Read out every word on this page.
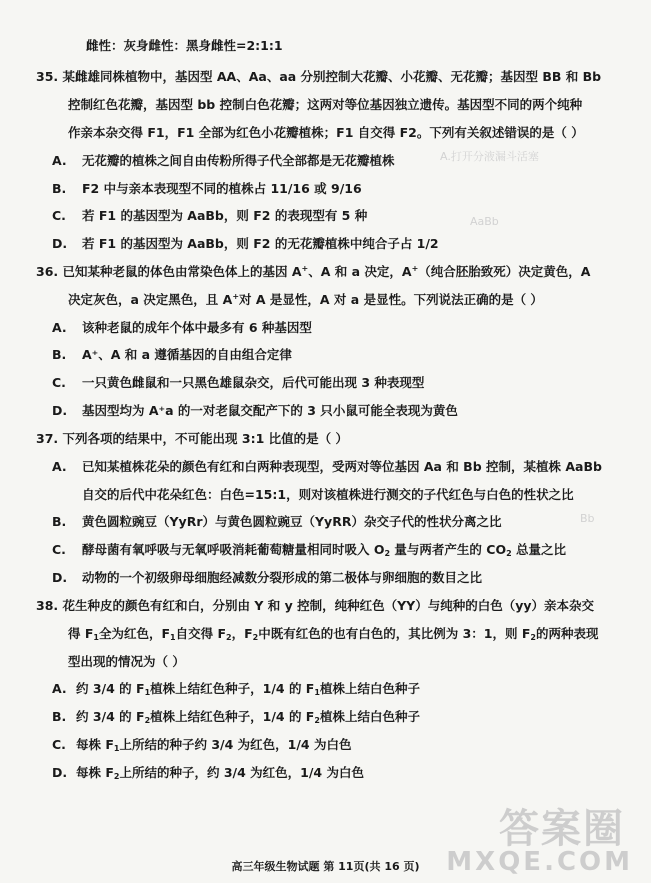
A.打开分液漏斗活塞
AaBb
Bb
雌性：灰身雌性：黑身雌性=2:1:1
35. 某雌雄同株植物中，基因型 AA、Aa、aa 分别控制大花瓣、小花瓣、无花瓣；基因型 BB 和 Bb
控制红色花瓣，基因型 bb 控制白色花瓣；这两对等位基因独立遗传。基因型不同的两个纯种
作亲本杂交得 F1，F1 全部为红色小花瓣植株；F1 自交得 F2。下列有关叙述错误的是（ ）
A. 无花瓣的植株之间自由传粉所得子代全部都是无花瓣植株
B. F2 中与亲本表现型不同的植株占 11/16 或 9/16
C. 若 F1 的基因型为 AaBb，则 F2 的表现型有 5 种
D. 若 F1 的基因型为 AaBb，则 F2 的无花瓣植株中纯合子占 1/2
36. 已知某种老鼠的体色由常染色体上的基因 A+、A 和 a 决定，A+（纯合胚胎致死）决定黄色，A
决定灰色，a 决定黑色，且 A+对 A 是显性，A 对 a 是显性。下列说法正确的是（ ）
A. 该种老鼠的成年个体中最多有 6 种基因型
B. A⁺、A 和 a 遵循基因的自由组合定律
C. 一只黄色雌鼠和一只黑色雄鼠杂交，后代可能出现 3 种表现型
D. 基因型均为 A⁺a 的一对老鼠交配产下的 3 只小鼠可能全表现为黄色
37. 下列各项的结果中，不可能出现 3:1 比值的是（ ）
A. 已知某植株花朵的颜色有红和白两种表现型，受两对等位基因 Aa 和 Bb 控制，某植株 AaBb
自交的后代中花朵红色：白色=15:1，则对该植株进行测交的子代红色与白色的性状之比
B. 黄色圆粒豌豆（YyRr）与黄色圆粒豌豆（YyRR）杂交子代的性状分离之比
C. 酵母菌有氧呼吸与无氧呼吸消耗葡萄糖量相同时吸入 $O_2$ 量与两者产生的 $CO_2$ 总量之比
D. 动物的一个初级卵母细胞经减数分裂形成的第二极体与卵细胞的数目之比
38. 花生种皮的颜色有红和白，分别由 Y 和 y 控制，纯种红色（YY）与纯种的白色（yy）亲本杂交
得 $F_1$全为红色，$F_1$自交得 $F_2$，$F_2$中既有红色的也有白色的，其比例为 3：1，则 $F_2$的两种表现
型出现的情况为（ ）
A. 约 3/4 的 $F_1$植株上结红色种子，1/4 的 $F_1$植株上结白色种子
B. 约 3/4 的 $F_2$植株上结红色种子，1/4 的 $F_2$植株上结白色种子
C. 每株 $F_1$上所结的种子约 3/4 为红色，1/4 为白色
D. 每株 $F_2$上所结的种子，约 3/4 为红色，1/4 为白色
答案圈
MXQE.COM
高三年级生物试题 第 11页(共 16 页)
